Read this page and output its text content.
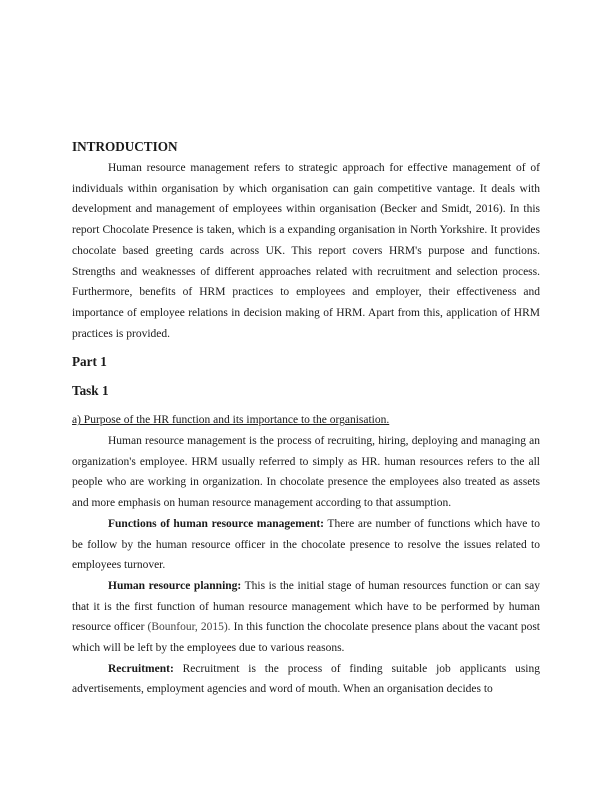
INTRODUCTION

Human resource management refers to strategic approach for effective management of of individuals within organisation by which organisation can gain competitive vantage. It deals with development and management of employees within organisation (Becker and Smidt, 2016). In this report Chocolate Presence is taken, which is a expanding organisation in North Yorkshire. It provides chocolate based greeting cards across UK. This report covers HRM's purpose and functions. Strengths and weaknesses of different approaches related with recruitment and selection process. Furthermore, benefits of HRM practices to employees and employer, their effectiveness and importance of employee relations in decision making of HRM. Apart from this, application of HRM practices is provided.

Part 1
Task 1

a) Purpose of the HR function and its importance to the organisation.

Human resource management is the process of recruiting, hiring, deploying and managing an organization's employee. HRM usually referred to simply as HR. human resources refers to the all people who are working in organization. In chocolate presence the employees also treated as assets and more emphasis on human resource management according to that assumption.

Functions of human resource management: There are number of functions which have to be follow by the human resource officer in the chocolate presence to resolve the issues related to employees turnover.

Human resource planning: This is the initial stage of human resources function or can say that it is the first function of human resource management which have to be performed by human resource officer (Bounfour, 2015). In this function the chocolate presence plans about the vacant post which will be left by the employees due to various reasons.

Recruitment: Recruitment is the process of finding suitable job applicants using advertisements, employment agencies and word of mouth. When an organisation decides to
